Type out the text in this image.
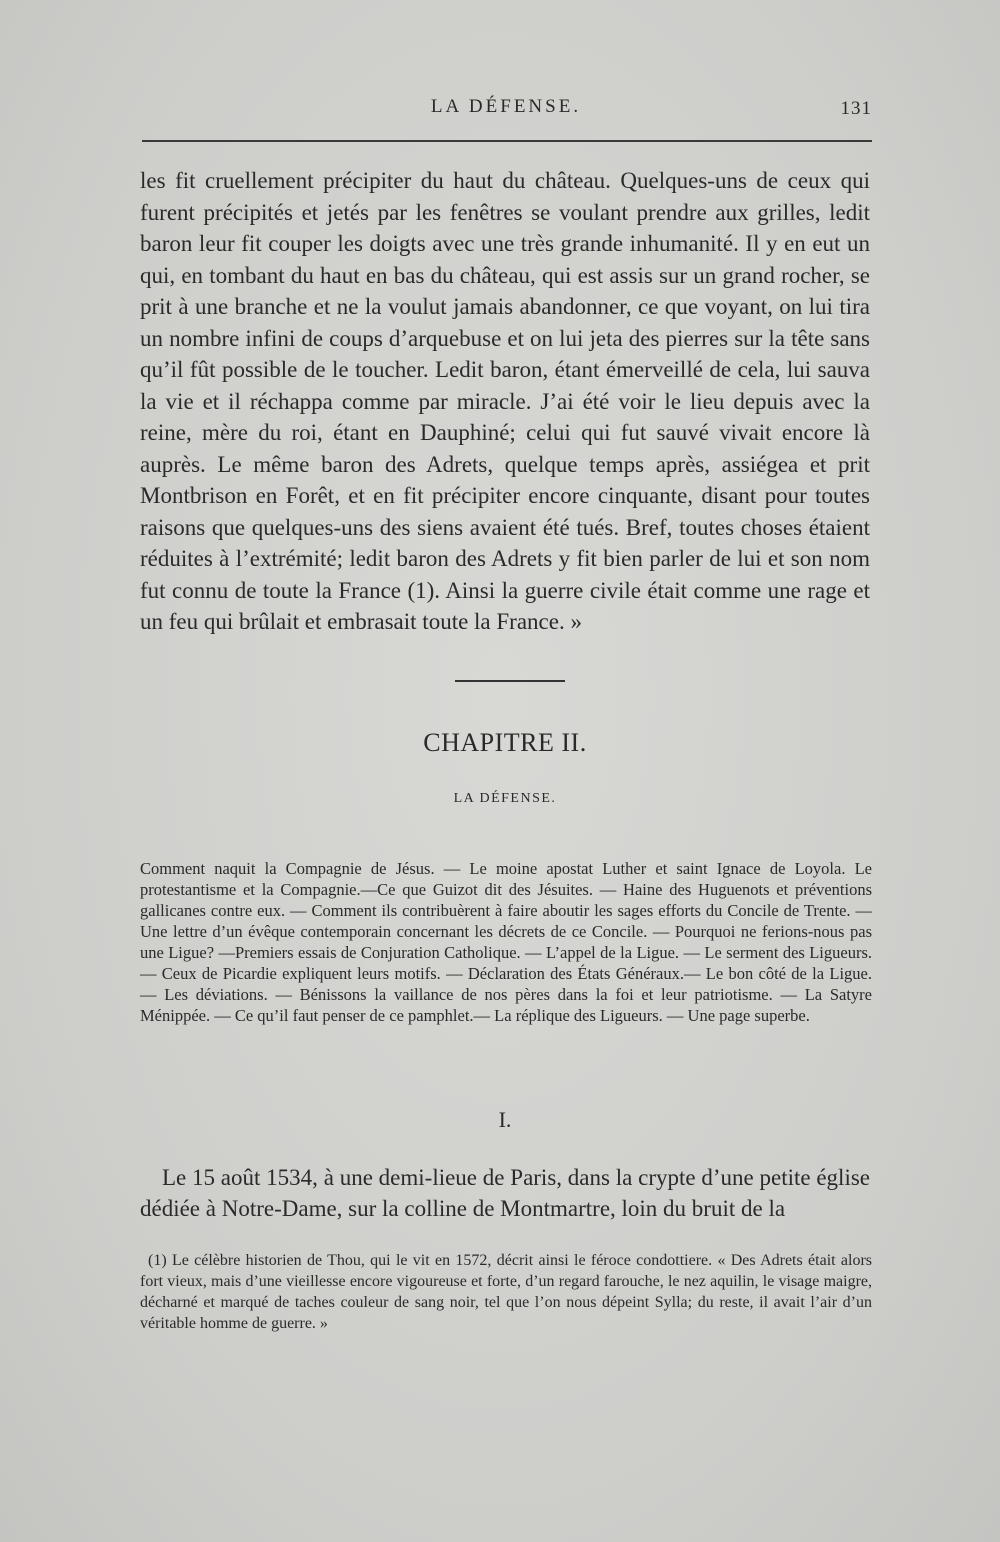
LA DÉFENSE.	131

les fit cruellement précipiter du haut du château. Quelques-uns de ceux qui furent précipités et jetés par les fenêtres se voulant prendre aux grilles, ledit baron leur fit couper les doigts avec une très grande inhumanité. Il y en eut un qui, en tombant du haut en bas du château, qui est assis sur un grand rocher, se prit à une branche et ne la voulut jamais abandonner, ce que voyant, on lui tira un nombre infini de coups d’arquebuse et on lui jeta des pierres sur la tête sans qu’il fût possible de le toucher. Ledit baron, étant émerveillé de cela, lui sauva la vie et il réchappa comme par miracle. J’ai été voir le lieu depuis avec la reine, mère du roi, étant en Dauphiné; celui qui fut sauvé vivait encore là auprès. Le même baron des Adrets, quelque temps après, assiégea et prit Montbrison en Forêt, et en fit précipiter encore cinquante, disant pour toutes raisons que quelques-uns des siens avaient été tués. Bref, toutes choses étaient réduites à l’extrémité; ledit baron des Adrets y fit bien parler de lui et son nom fut connu de toute la France (1). Ainsi la guerre civile était comme une rage et un feu qui brûlait et embrasait toute la France. »

CHAPITRE II.
LA DÉFENSE.

Comment naquit la Compagnie de Jésus. — Le moine apostat Luther et saint Ignace de Loyola. Le protestantisme et la Compagnie.—Ce que Guizot dit des Jésuites. — Haine des Huguenots et préventions gallicanes contre eux. — Comment ils contribuèrent à faire aboutir les sages efforts du Concile de Trente. — Une lettre d’un évêque contemporain concernant les décrets de ce Concile. — Pourquoi ne ferions-nous pas une Ligue? —Premiers essais de Conjuration Catholique. — L’appel de la Ligue. — Le serment des Ligueurs.— Ceux de Picardie expliquent leurs motifs. — Déclaration des États Généraux.— Le bon côté de la Ligue. — Les déviations. — Bénissons la vaillance de nos pères dans la foi et leur patriotisme. — La Satyre Ménippée. — Ce qu’il faut penser de ce pamphlet.— La réplique des Ligueurs. — Une page superbe.

I.

Le 15 août 1534, à une demi-lieue de Paris, dans la crypte d’une petite église dédiée à Notre-Dame, sur la colline de Montmartre, loin du bruit de la

(1) Le célèbre historien de Thou, qui le vit en 1572, décrit ainsi le féroce condottiere. « Des Adrets était alors fort vieux, mais d’une vieillesse encore vigoureuse et forte, d’un regard farouche, le nez aquilin, le visage maigre, décharné et marqué de taches couleur de sang noir, tel que l’on nous dépeint Sylla; du reste, il avait l’air d’un véritable homme de guerre. »
